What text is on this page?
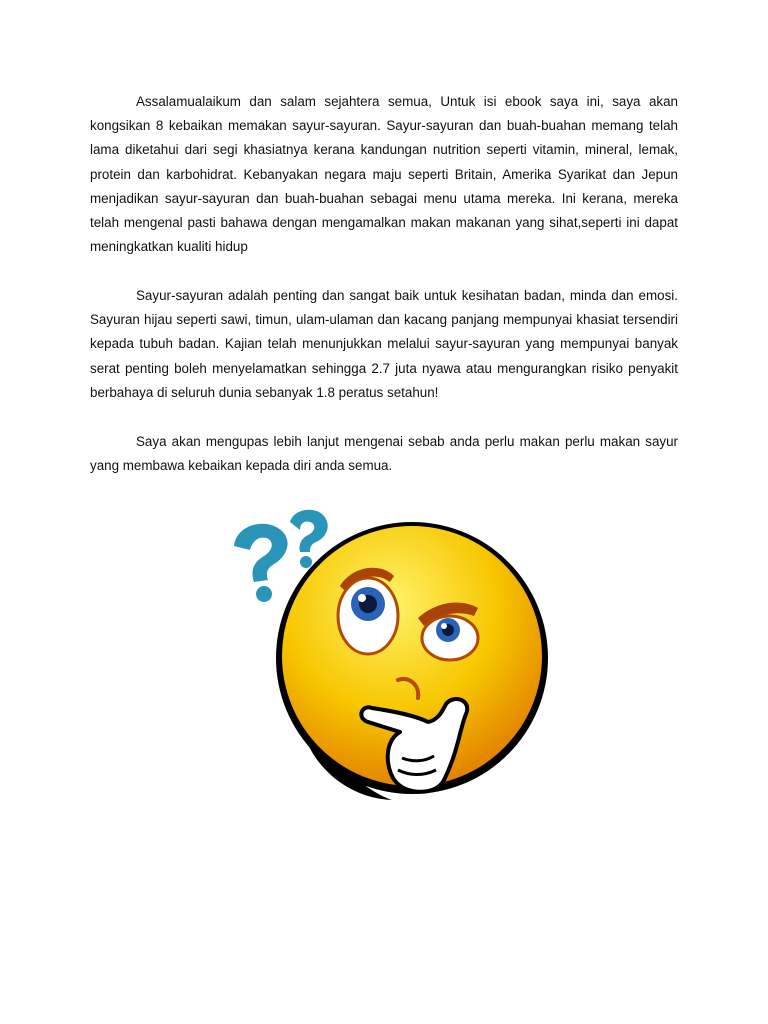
Assalamualaikum dan salam sejahtera semua, Untuk isi ebook saya ini, saya akan kongsikan 8 kebaikan memakan sayur-sayuran. Sayur-sayuran dan buah-buahan memang telah lama diketahui dari segi khasiatnya kerana kandungan nutrition seperti vitamin, mineral, lemak, protein dan karbohidrat. Kebanyakan negara maju seperti Britain, Amerika Syarikat dan Jepun menjadikan sayur-sayuran dan buah-buahan sebagai menu utama mereka. Ini kerana, mereka telah mengenal pasti bahawa dengan mengamalkan makan makanan yang sihat,seperti ini dapat meningkatkan kualiti hidup

Sayur-sayuran adalah penting dan sangat baik untuk kesihatan badan, minda dan emosi. Sayuran hijau seperti sawi, timun, ulam-ulaman dan kacang panjang mempunyai khasiat tersendiri kepada tubuh badan. Kajian telah menunjukkan melalui sayur-sayuran yang mempunyai banyak serat penting boleh menyelamatkan sehingga 2.7 juta nyawa atau mengurangkan risiko penyakit berbahaya di seluruh dunia sebanyak 1.8 peratus setahun!

Saya akan mengupas lebih lanjut mengenai sebab anda perlu makan perlu makan sayur yang membawa kebaikan kepada diri anda semua.
